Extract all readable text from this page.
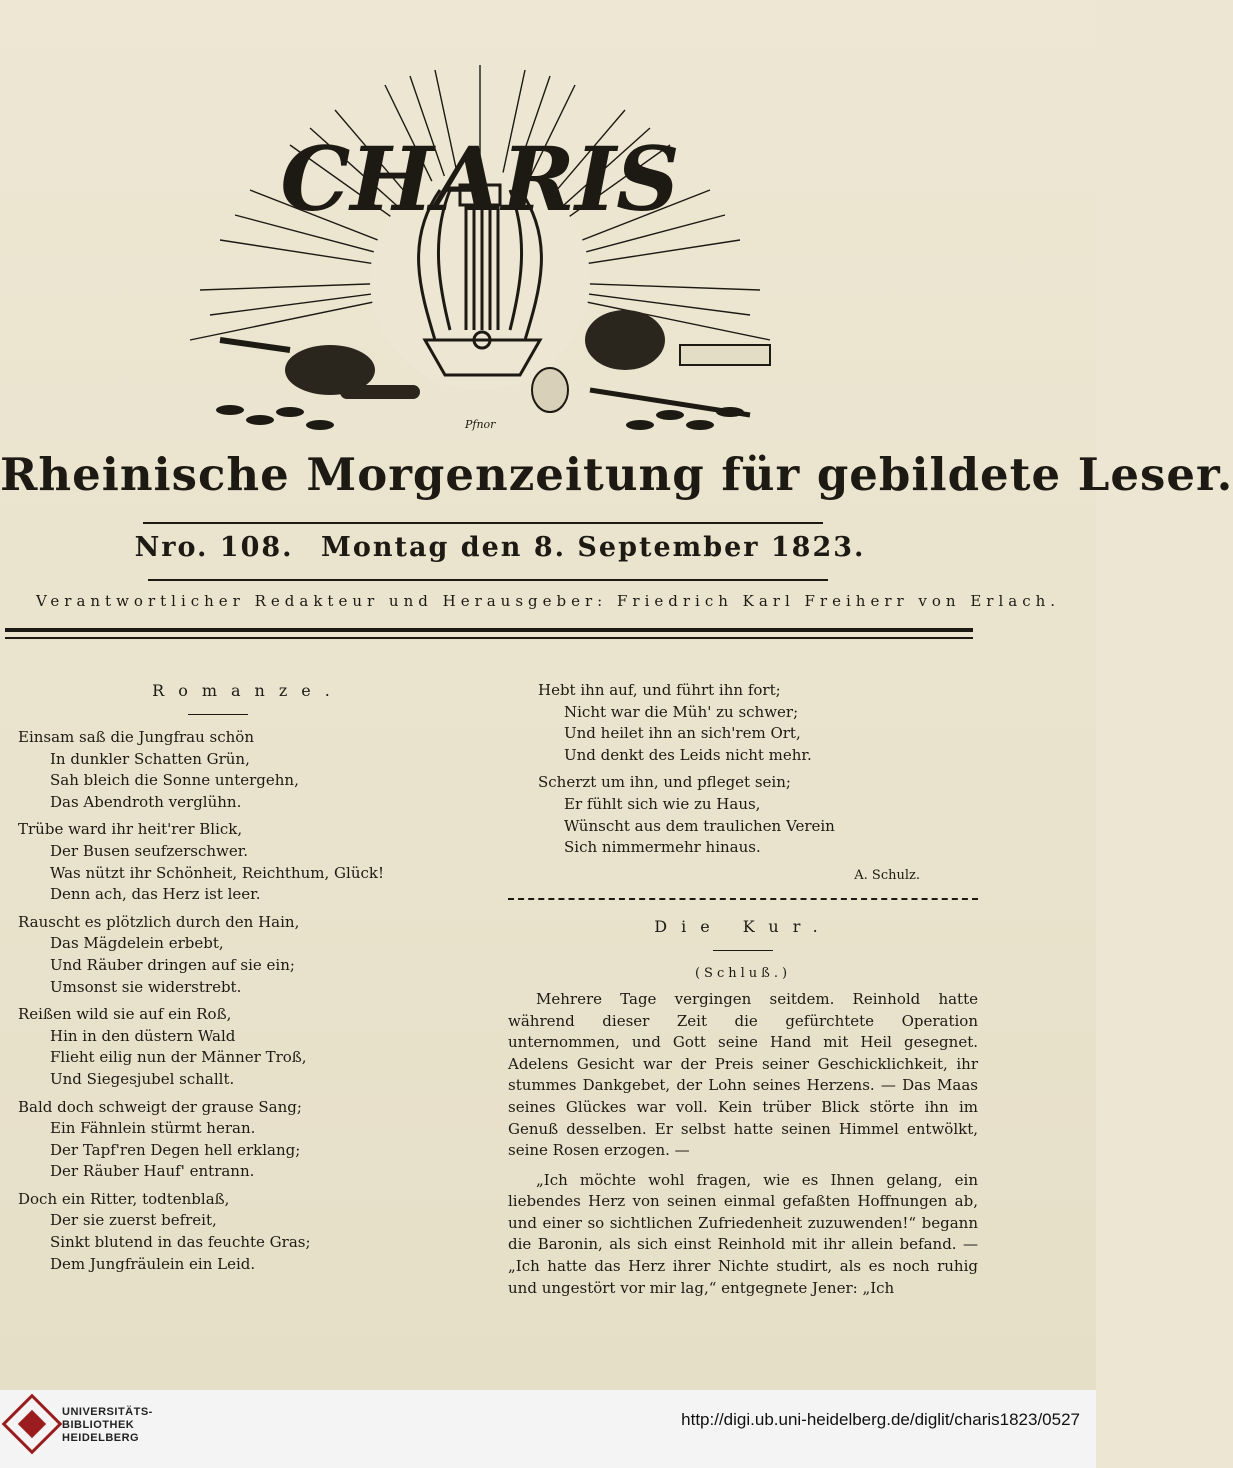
CHARIS
Pfnor
Rheinische Morgenzeitung für gebildete Leser.
Nro. 108. Montag den 8. September 1823.
Verantwortlicher Redakteur und Herausgeber: Friedrich Karl Freiherr von Erlach.
Romanze.
Einsam saß die Jungfrau schön
In dunkler Schatten Grün,
Sah bleich die Sonne untergehn,
Das Abendroth verglühn.
Trübe ward ihr heit'rer Blick,
Der Busen seufzerschwer.
Was nützt ihr Schönheit, Reichthum, Glück!
Denn ach, das Herz ist leer.
Rauscht es plötzlich durch den Hain,
Das Mägdelein erbebt,
Und Räuber dringen auf sie ein;
Umsonst sie widerstrebt.
Reißen wild sie auf ein Roß,
Hin in den düstern Wald
Flieht eilig nun der Männer Troß,
Und Siegesjubel schallt.
Bald doch schweigt der grause Sang;
Ein Fähnlein stürmt heran.
Der Tapf'ren Degen hell erklang;
Der Räuber Hauf' entrann.
Doch ein Ritter, todtenblaß,
Der sie zuerst befreit,
Sinkt blutend in das feuchte Gras;
Dem Jungfräulein ein Leid.
Hebt ihn auf, und führt ihn fort;
Nicht war die Müh' zu schwer;
Und heilet ihn an sich'rem Ort,
Und denkt des Leids nicht mehr.
Scherzt um ihn, und pfleget sein;
Er fühlt sich wie zu Haus,
Wünscht aus dem traulichen Verein
Sich nimmermehr hinaus.
A. Schulz.
Die Kur.
(Schluß.)

Mehrere Tage vergingen seitdem. Reinhold hatte während dieser Zeit die gefürchtete Operation unternommen, und Gott seine Hand mit Heil gesegnet. Adelens Gesicht war der Preis seiner Geschicklichkeit, ihr stummes Dankgebet, der Lohn seines Herzens. — Das Maas seines Glückes war voll. Kein trüber Blick störte ihn im Genuß desselben. Er selbst hatte seinen Himmel entwölkt, seine Rosen erzogen. —

„Ich möchte wohl fragen, wie es Ihnen gelang, ein liebendes Herz von seinen einmal gefaßten Hoffnungen ab, und einer so sichtlichen Zufriedenheit zuzuwenden!“ begann die Baronin, als sich einst Reinhold mit ihr allein befand. — „Ich hatte das Herz ihrer Nichte studirt, als es noch ruhig und ungestört vor mir lag,“ entgegnete Jener: „Ich

UNIVERSITÄTS-
BIBLIOTHEK
HEIDELBERG
http://digi.ub.uni-heidelberg.de/diglit/charis1823/0527
